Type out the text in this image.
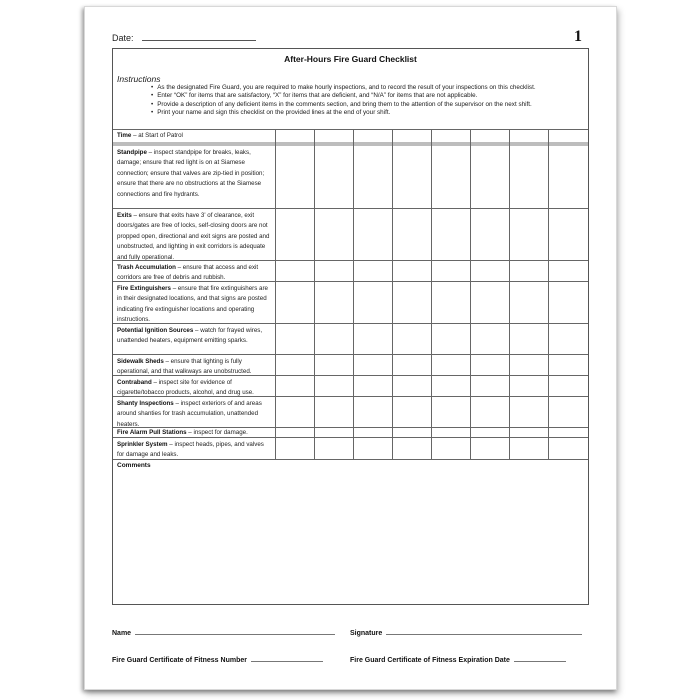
Date:	1
After-Hours Fire Guard Checklist
Instructions
• As the designated Fire Guard, you are required to make hourly inspections, and to record the result of your inspections on this checklist.
• Enter “OK” for items that are satisfactory, “X” for items that are deficient, and “N/A” for items that are not applicable.
• Provide a description of any deficient items in the comments section, and bring them to the attention of the supervisor on the next shift.
• Print your name and sign this checklist on the provided lines at the end of your shift.
Time – at Start of Patrol
Standpipe – inspect standpipe for breaks, leaks, damage; ensure that red light is on at Siamese connection; ensure that valves are zip-tied in position; ensure that there are no obstructions at the Siamese connections and fire hydrants.
Exits – ensure that exits have 3' of clearance, exit doors/gates are free of locks, self-closing doors are not propped open, directional and exit signs are posted and unobstructed, and lighting in exit corridors is adequate and fully operational.
Trash Accumulation – ensure that access and exit corridors are free of debris and rubbish.
Fire Extinguishers – ensure that fire extinguishers are in their designated locations, and that signs are posted indicating fire extinguisher locations and operating instructions.
Potential Ignition Sources – watch for frayed wires, unattended heaters, equipment emitting sparks.
Sidewalk Sheds – ensure that lighting is fully operational, and that walkways are unobstructed.
Contraband – inspect site for evidence of cigarette/tobacco products, alcohol, and drug use.
Shanty Inspections – inspect exteriors of and areas around shanties for trash accumulation, unattended heaters.
Fire Alarm Pull Stations – inspect for damage.
Sprinkler System – inspect heads, pipes, and valves for damage and leaks.
Comments
Name	Signature
Fire Guard Certificate of Fitness Number	Fire Guard Certificate of Fitness Expiration Date
